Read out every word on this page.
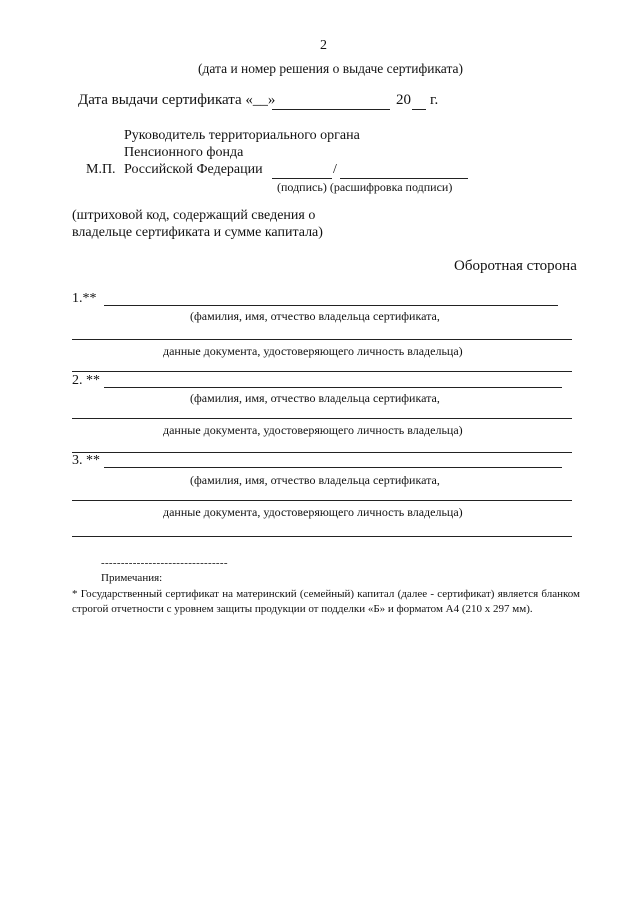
2
(дата и номер решения о выдаче сертификата)
Дата выдачи сертификата «__»	20 г.
Руководитель территориального органа
Пенсионного фонда
М.П. Российской Федерации	/
(подпись) (расшифровка подписи)
(штриховой код, содержащий сведения о
владельце сертификата и сумме капитала)
Оборотная сторона
1.**
(фамилия, имя, отчество владельца сертификата,
данные документа, удостоверяющего личность владельца)
2. **
(фамилия, имя, отчество владельца сертификата,
данные документа, удостоверяющего личность владельца)
3. **
(фамилия, имя, отчество владельца сертификата,
данные документа, удостоверяющего личность владельца)
--------------------------------
Примечания:
* Государственный сертификат на материнский (семейный) капитал (далее - сертификат) является бланком строгой отчетности с уровнем защиты продукции от подделки «Б» и форматом А4 (210 x 297 мм).
